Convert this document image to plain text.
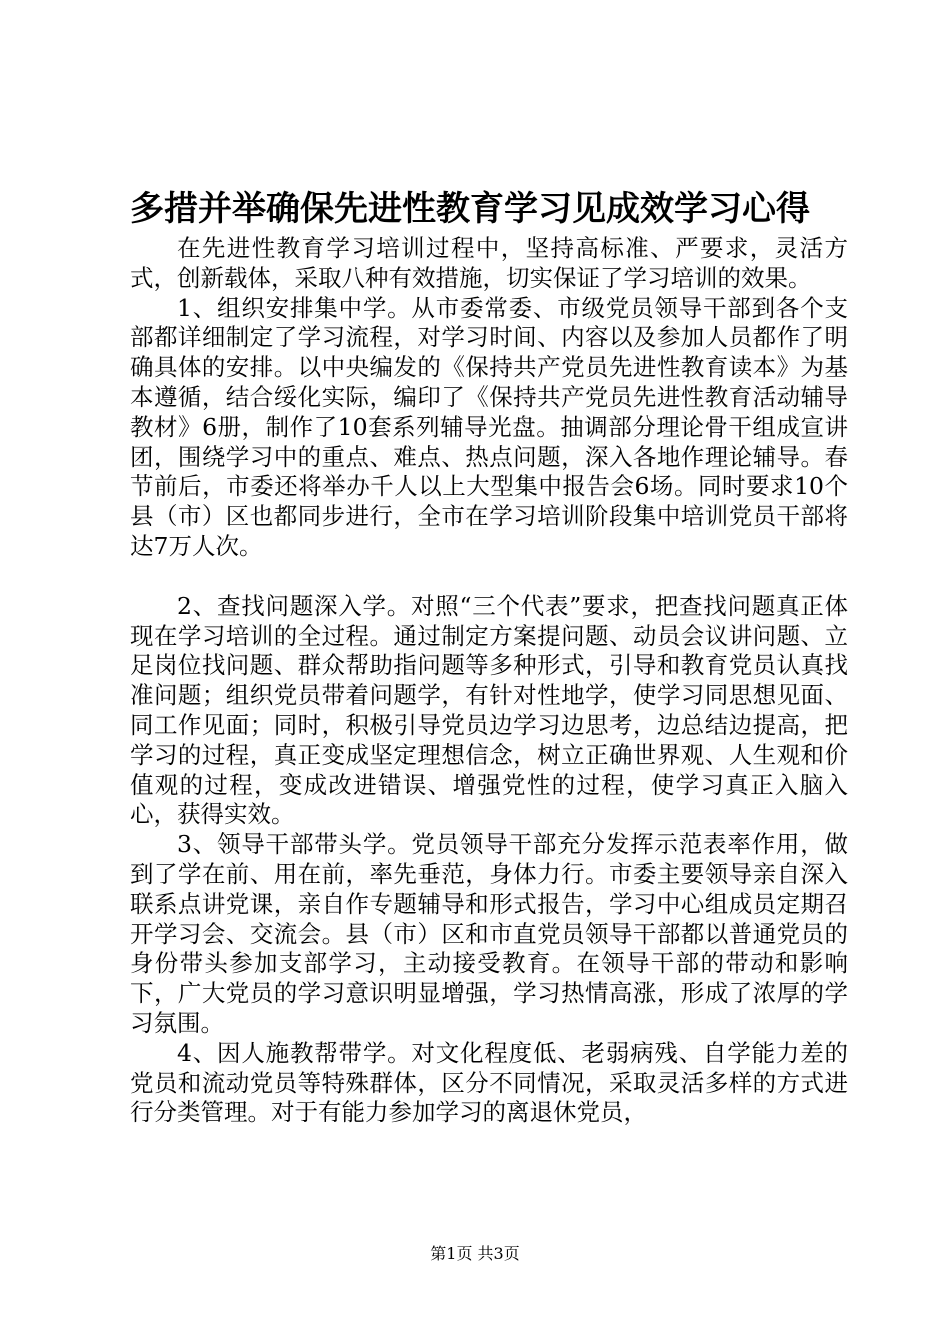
多措并举确保先进性教育学习见成效学习心得

在先进性教育学习培训过程中，坚持高标准、严要求，灵活方式，创新载体，采取八种有效措施，切实保证了学习培训的效果。

1、组织安排集中学。从市委常委、市级党员领导干部到各个支部都详细制定了学习流程，对学习时间、内容以及参加人员都作了明确具体的安排。以中央编发的《保持共产党员先进性教育读本》为基本遵循，结合绥化实际，编印了《保持共产党员先进性教育活动辅导教材》6册，制作了10套系列辅导光盘。抽调部分理论骨干组成宣讲团，围绕学习中的重点、难点、热点问题，深入各地作理论辅导。春节前后，市委还将举办千人以上大型集中报告会6场。同时要求10个县（市）区也都同步进行，全市在学习培训阶段集中培训党员干部将达7万人次。

2、查找问题深入学。对照“三个代表”要求，把查找问题真正体现在学习培训的全过程。通过制定方案提问题、动员会议讲问题、立足岗位找问题、群众帮助指问题等多种形式，引导和教育党员认真找准问题；组织党员带着问题学，有针对性地学，使学习同思想见面、同工作见面；同时，积极引导党员边学习边思考，边总结边提高，把学习的过程，真正变成坚定理想信念，树立正确世界观、人生观和价值观的过程，变成改进错误、增强党性的过程，使学习真正入脑入心，获得实效。

3、领导干部带头学。党员领导干部充分发挥示范表率作用，做到了学在前、用在前，率先垂范，身体力行。市委主要领导亲自深入联系点讲党课，亲自作专题辅导和形式报告，学习中心组成员定期召开学习会、交流会。县（市）区和市直党员领导干部都以普通党员的身份带头参加支部学习，主动接受教育。在领导干部的带动和影响下，广大党员的学习意识明显增强，学习热情高涨，形成了浓厚的学习氛围。

4、因人施教帮带学。对文化程度低、老弱病残、自学能力差的党员和流动党员等特殊群体，区分不同情况，采取灵活多样的方式进行分类管理。对于有能力参加学习的离退休党员，

第1页 共3页
